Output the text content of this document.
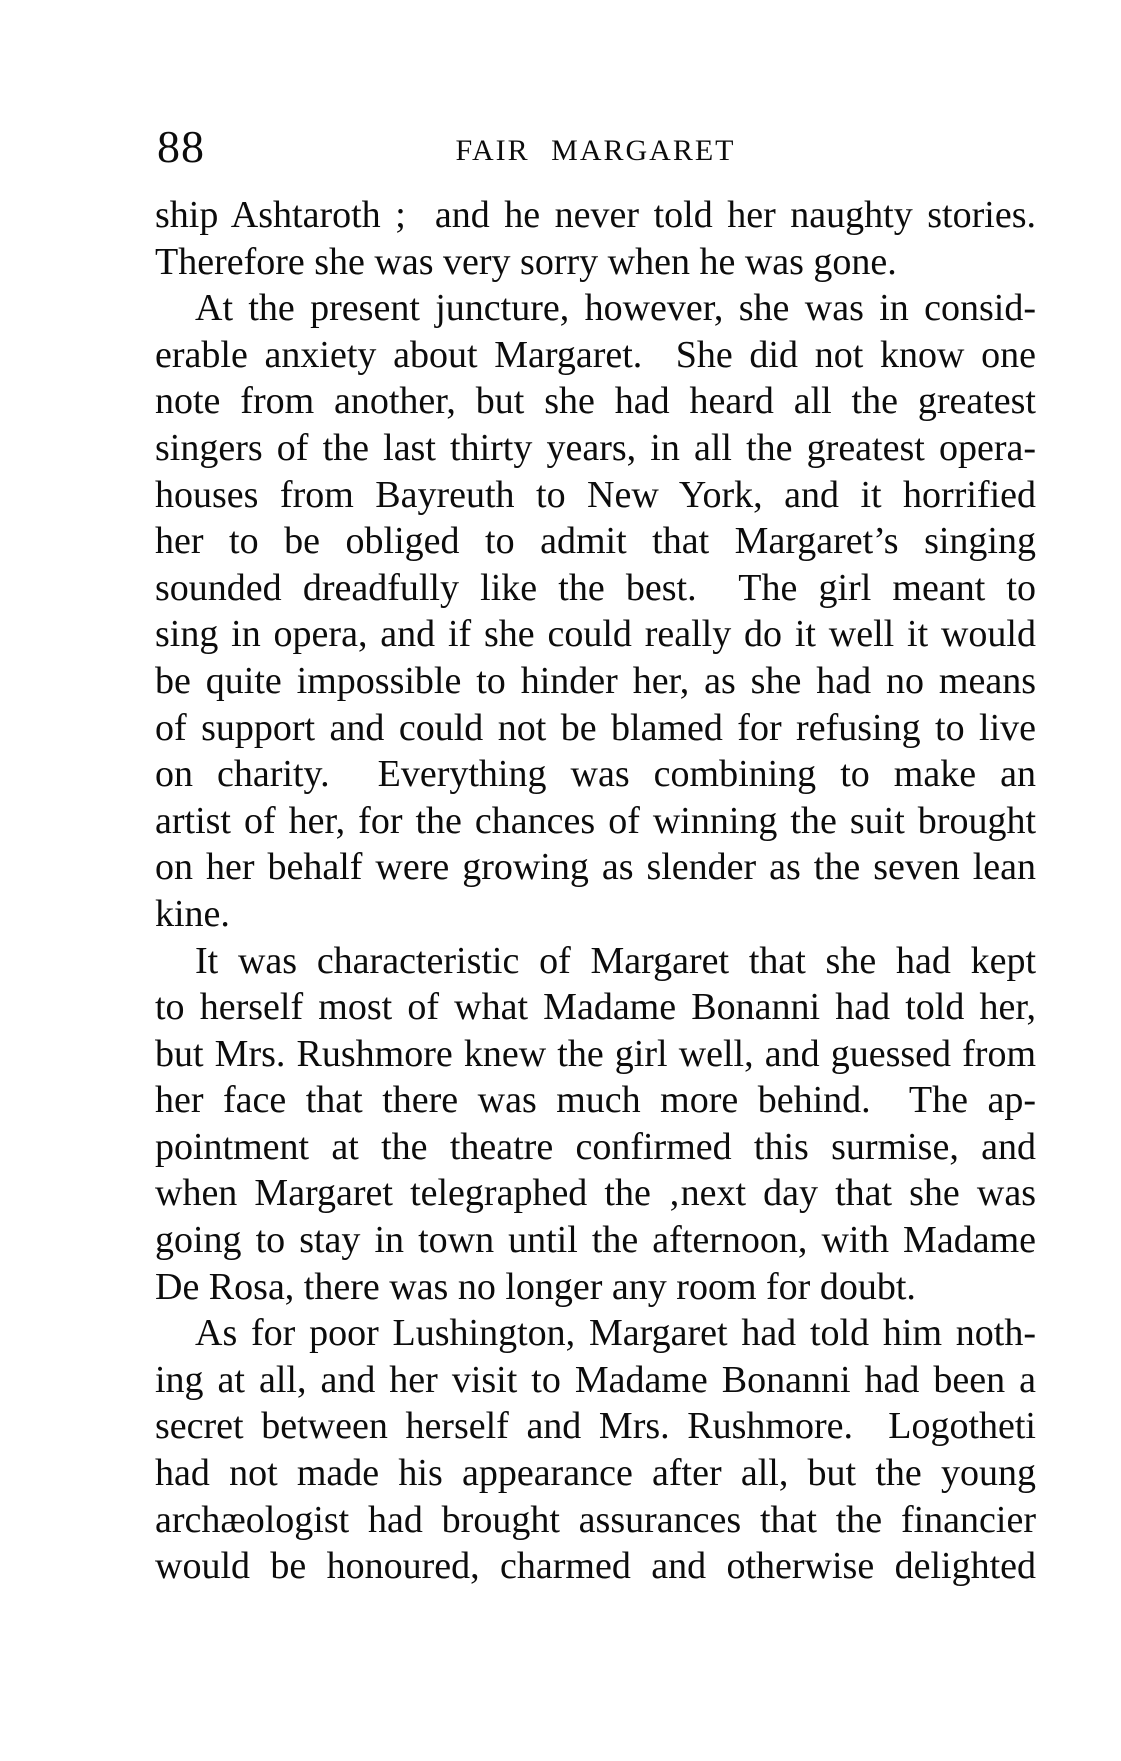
88	FAIR MARGARET
ship Ashtaroth ;  and he never told her naughty stories.
Therefore she was very sorry when he was gone.
At the present juncture, however, she was in consid-
erable anxiety about Margaret.  She did not know one
note from another, but she had heard all the greatest
singers of the last thirty years, in all the greatest opera-
houses from Bayreuth to New York, and it horrified
her to be obliged to admit that Margaret’s singing
sounded dreadfully like the best.  The girl meant to
sing in opera, and if she could really do it well it would
be quite impossible to hinder her, as she had no means
of support and could not be blamed for refusing to live
on charity.  Everything was combining to make an
artist of her, for the chances of winning the suit brought
on her behalf were growing as slender as the seven lean
kine.
It was characteristic of Margaret that she had kept
to herself most of what Madame Bonanni had told her,
but Mrs. Rushmore knew the girl well, and guessed from
her face that there was much more behind.  The ap-
pointment at the theatre confirmed this surmise, and
when Margaret telegraphed the ‚next day that she was
going to stay in town until the afternoon, with Madame
De Rosa, there was no longer any room for doubt.
As for poor Lushington, Margaret had told him noth-
ing at all, and her visit to Madame Bonanni had been a
secret between herself and Mrs. Rushmore.  Logotheti
had not made his appearance after all, but the young
archæologist had brought assurances that the financier
would be honoured, charmed and otherwise delighted
